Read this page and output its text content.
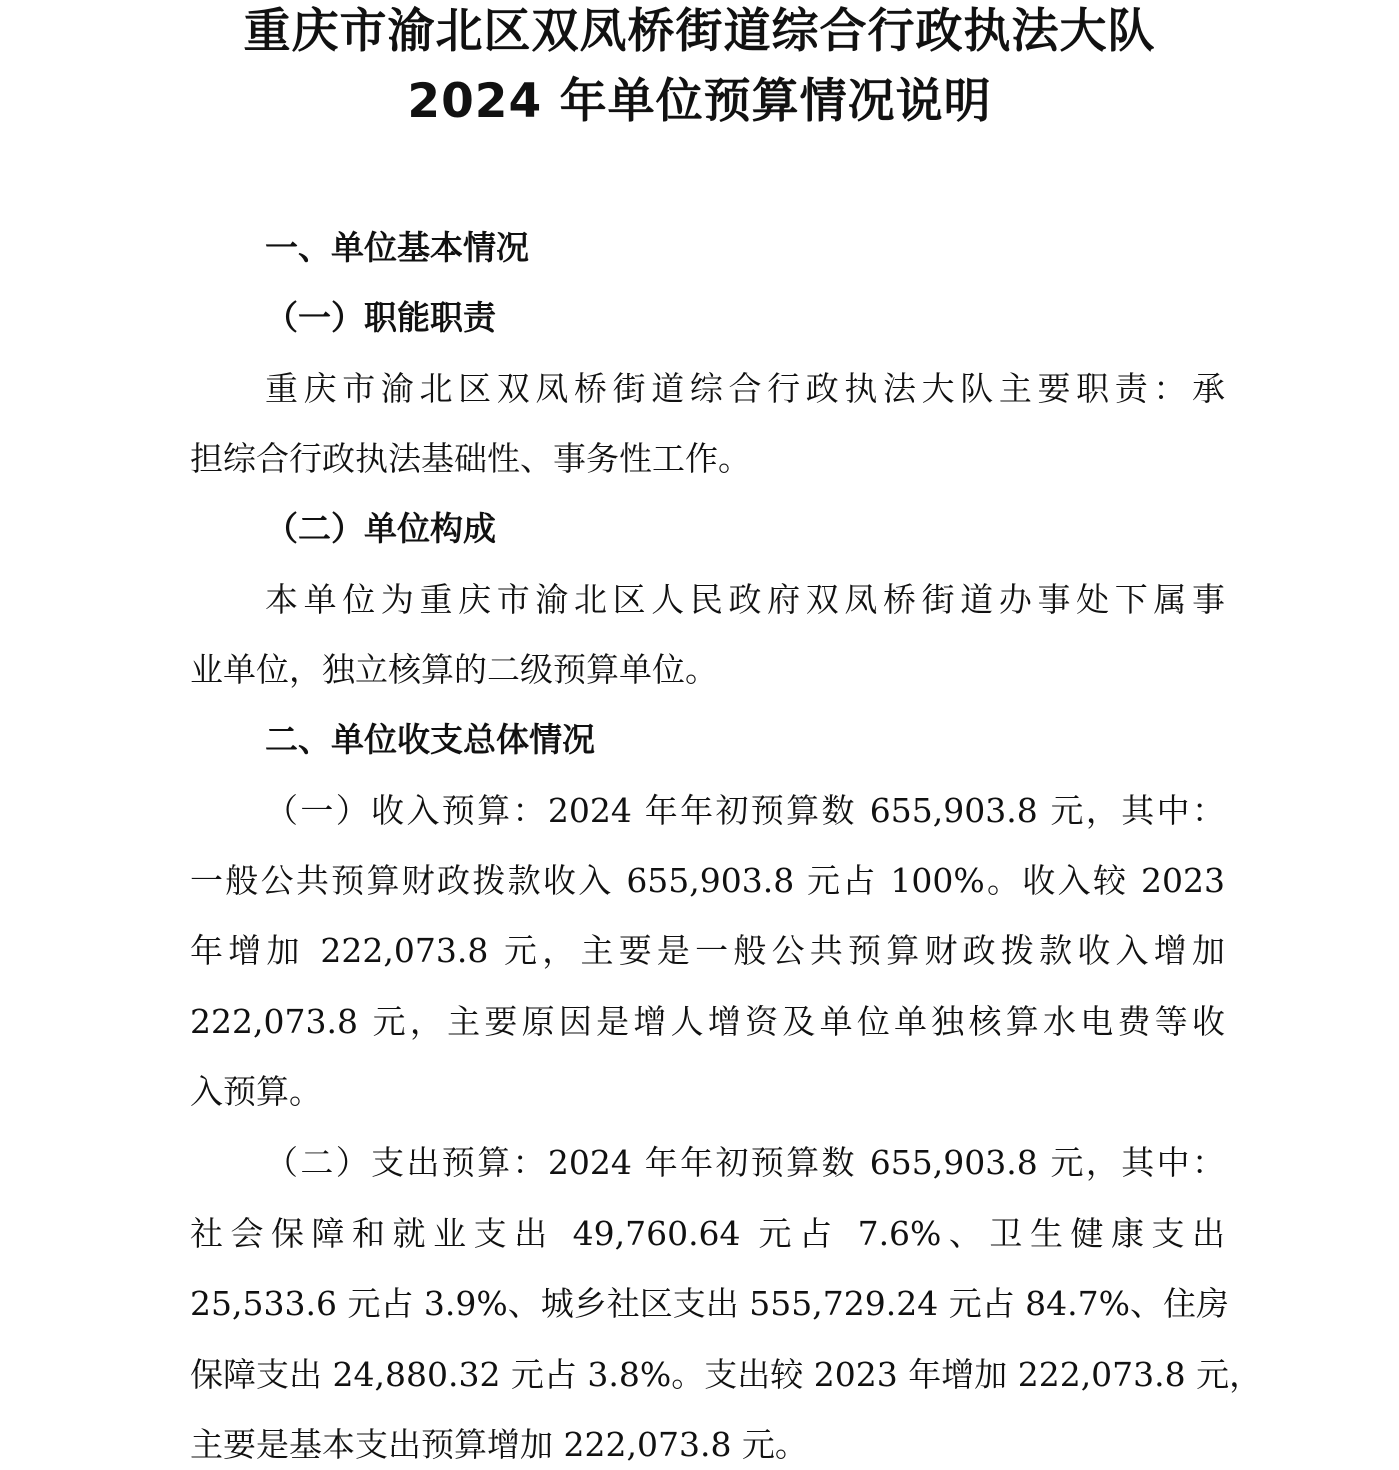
重庆市渝北区双凤桥街道综合行政执法大队
2024 年单位预算情况说明
一、单位基本情况
（一）职能职责
重庆市渝北区双凤桥街道综合行政执法大队主要职责：承
担综合行政执法基础性、事务性工作。
（二）单位构成
本单位为重庆市渝北区人民政府双凤桥街道办事处下属事
业单位，独立核算的二级预算单位。
二、单位收支总体情况
（一）收入预算：2024 年年初预算数 655,903.8 元，其中：
一般公共预算财政拨款收入 655,903.8 元占 100%。收入较 2023
年增加 222,073.8 元，主要是一般公共预算财政拨款收入增加
222,073.8 元，主要原因是增人增资及单位单独核算水电费等收
入预算。
（二）支出预算：2024 年年初预算数 655,903.8 元，其中：
社会保障和就业支出 49,760.64 元占 7.6%、卫生健康支出
25,533.6 元占 3.9%、城乡社区支出 555,729.24 元占 84.7%、住房
保障支出 24,880.32 元占 3.8%。支出较 2023 年增加 222,073.8 元，
主要是基本支出预算增加 222,073.8 元。
